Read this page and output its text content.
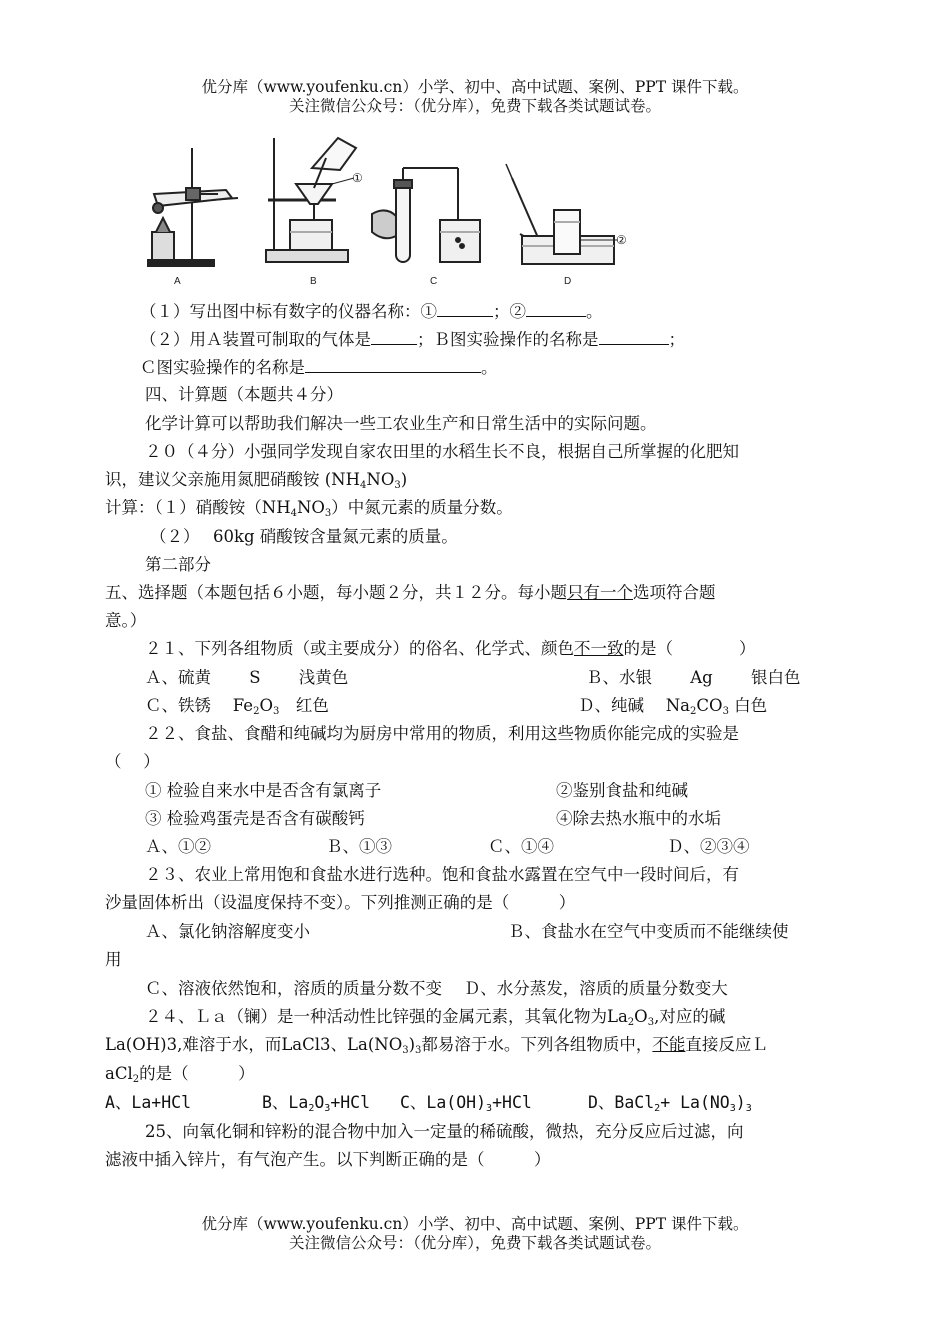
优分库（www.youfenku.cn）小学、初中、高中试题、案例、PPT 课件下载。
关注微信公众号：（优分库），免费下载各类试题试卷。
A	B	C	D
①
②
（１）写出图中标有数字的仪器名称：①	；②	。
（２）用Ａ装置可制取的气体是	；Ｂ图实验操作的名称是	；
Ｃ图实验操作的名称是	。
四、计算题（本题共４分）
化学计算可以帮助我们解决一些工农业生产和日常生活中的实际问题。
２０（４分）小强同学发现自家农田里的水稻生长不良，根据自己所掌握的化肥知
识，建议父亲施用氮肥硝酸铵 $(NH_4NO_3)$
计算：（１）硝酸铵$(NH_4NO_3)$中氮元素的质量分数。
（２）　 60kg 硝酸铵含量氮元素的质量。
第二部分
五、选择题（本题包括６小题，每小题２分，共１２分。每小题只有一个选项符合题
意。）
２１、下列各组物质（或主要成分）的俗名、化学式、颜色不一致的是（　　　　）
Ａ、硫黄　　 S　　 浅黄色	Ｂ、水银　　 Ag　　 银白色
Ｃ、铁锈　 $Fe_2O_3$　红色	Ｄ、纯碱　 $Na_2CO_3$ 白色
２２、食盐、食醋和纯碱均为厨房中常用的物质，利用这些物质你能完成的实验是
（　 ）
① 检验自来水中是否含有氯离子	②鉴别食盐和纯碱
③ 检验鸡蛋壳是否含有碳酸钙	④除去热水瓶中的水垢
Ａ、①②	Ｂ、①③	Ｃ、①④	Ｄ、②③④
２３、农业上常用饱和食盐水进行选种。饱和食盐水露置在空气中一段时间后，有
沙量固体析出（设温度保持不变）。下列推测正确的是（　　　）
Ａ、氯化钠溶解度变小	Ｂ、食盐水在空气中变质而不能继续使
用
Ｃ、溶液依然饱和，溶质的质量分数不变　 Ｄ、水分蒸发，溶质的质量分数变大
２４、Ｌａ（镧）是一种活动性比锌强的金属元素，其氧化物为$La_2O_3$,对应的碱
La(OH)3,难溶于水，而LaCl3、$La(NO_3)_3$都易溶于水。下列各组物质中，不能直接反应Ｌ
aCl$_2$的是（　　　）
A、La+HCl	B、$La_2O_3+HCl$ C、$La(OH)_3+HCl$	D、BaCl$_2$+ $La(NO_3)_3$
25、向氧化铜和锌粉的混合物中加入一定量的稀硫酸，微热，充分反应后过滤，向
滤液中插入锌片，有气泡产生。以下判断正确的是（　　　）
优分库（www.youfenku.cn）小学、初中、高中试题、案例、PPT 课件下载。
关注微信公众号：（优分库），免费下载各类试题试卷。
